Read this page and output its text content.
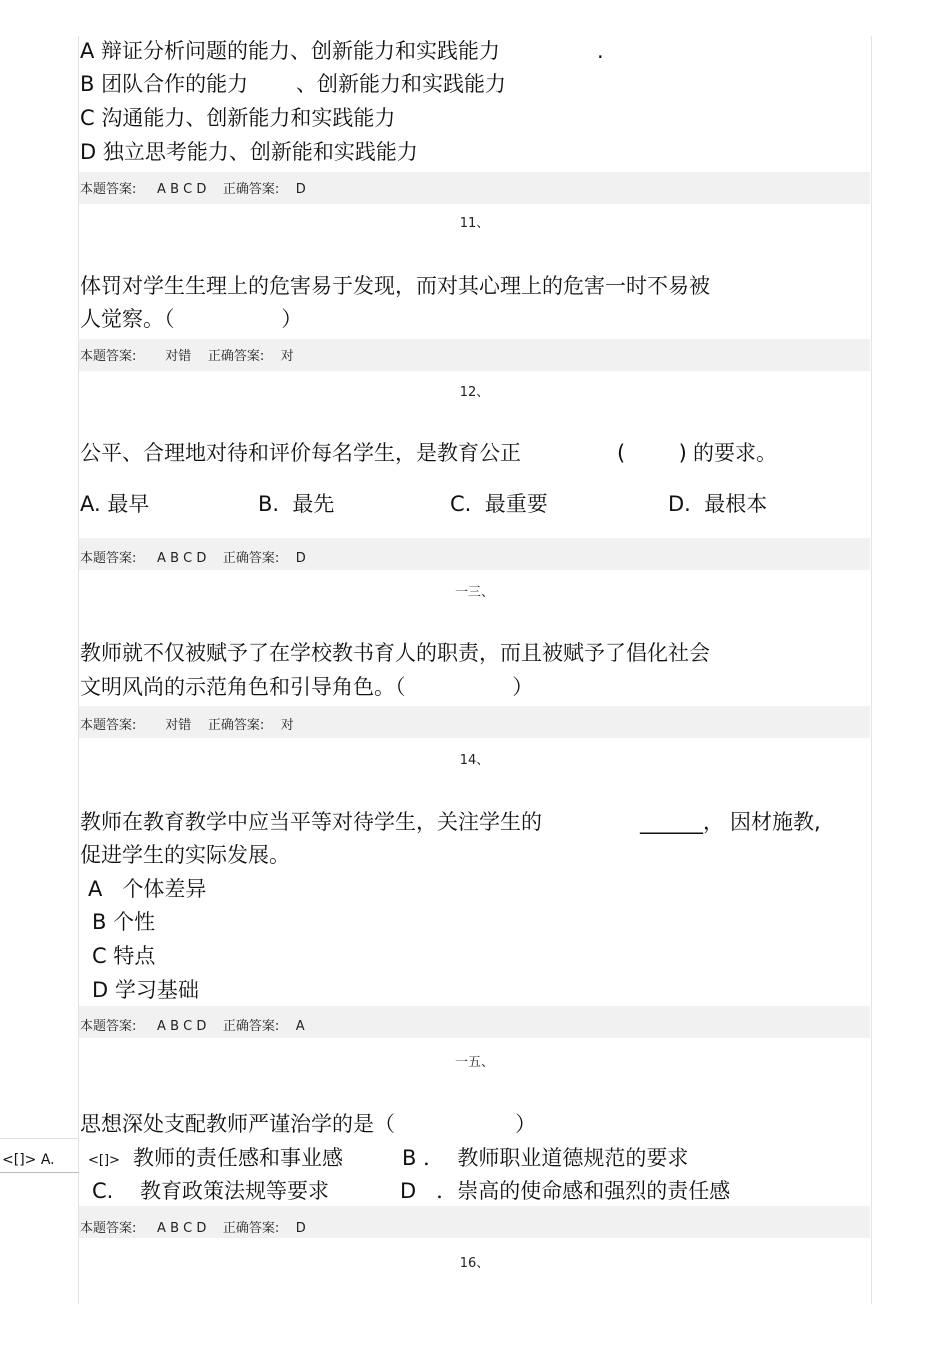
A 辩证分析问题的能力、创新能力和实践能力	.
B 团队合作的能力 、创新能力和实践能力
C 沟通能力、创新能力和实践能力
D 独立思考能力、创新能和实践能力
本题答案:     A B C D    正确答案:    D
11、
体罚对学生生理上的危害易于发现，而对其心理上的危害一时不易被
人觉察。（                ）
本题答案:       对错    正确答案:    对
12、
公平、合理地对待和评价每名学生，是教育公正	(        ) 的要求。
A. 最早	B.  最先	C.  最重要	D.  最根本
本题答案:     A B C D    正确答案:    D
一三、
教师就不仅被赋予了在学校教书育人的职责，而且被赋予了倡化社会
文明风尚的示范角色和引导角色。（                ）
本题答案:       对错    正确答案:    对
14、
教师在教育教学中应当平等对待学生，关注学生的	______， 因材施教,
促进学生的实际发展。
A   个体差异
B 个性
C 特点
D 学习基础
本题答案:     A B C D    正确答案:    A
一五、
思想深处支配教师严谨治学的是（                  ）
<[]> A.	<[]> 教师的责任感和事业感	B ．  教师职业道德规范的要求
C.    教育政策法规等要求	D   ．崇高的使命感和强烈的责任感
本题答案:     A B C D    正确答案:    D
16、
